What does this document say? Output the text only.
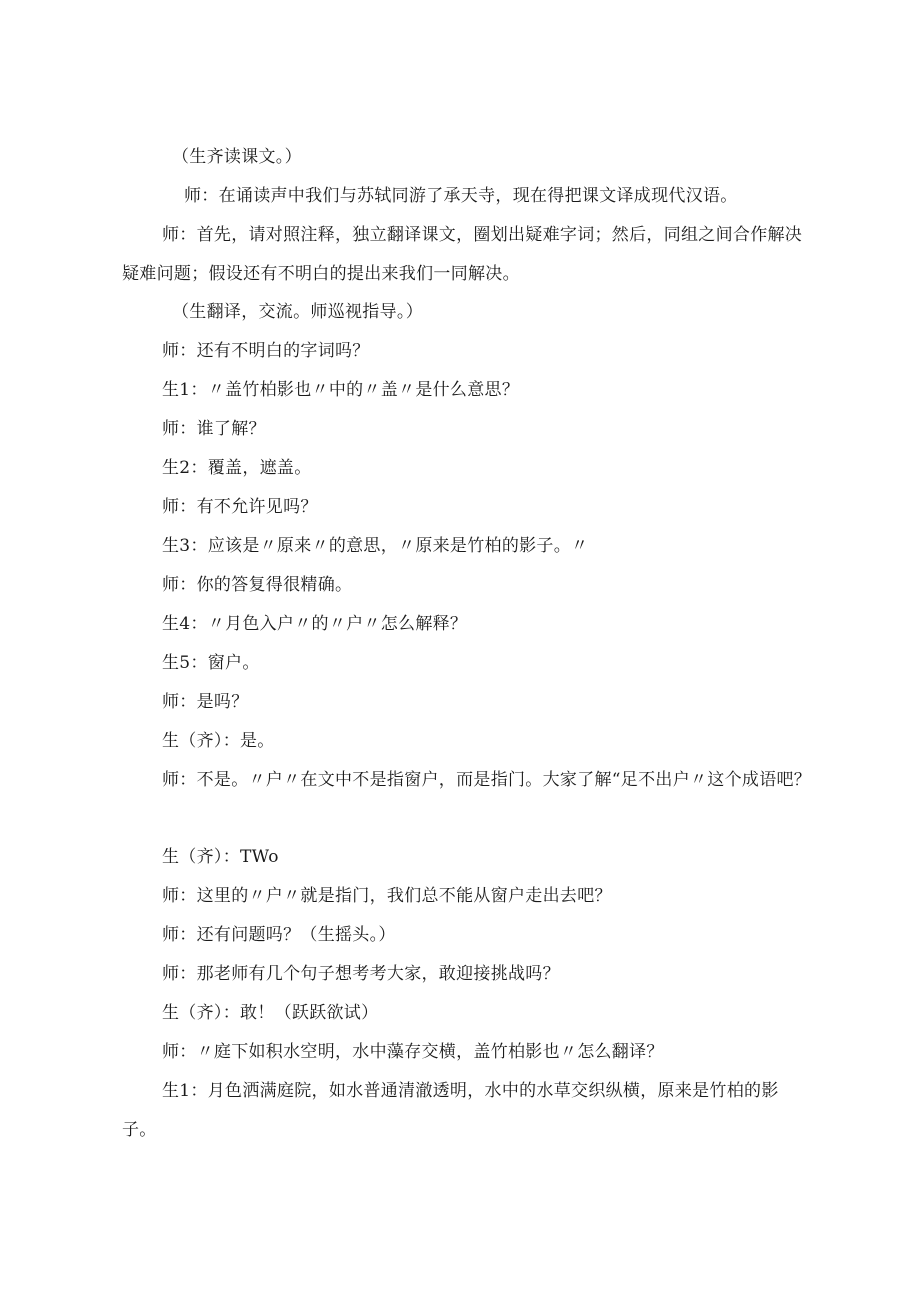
（生齐读课文。）

师：在诵读声中我们与苏轼同游了承天寺，现在得把课文译成现代汉语。

师：首先，请对照注释，独立翻译课文，圈划出疑难字词；然后，同组之间合作解决疑难问题；假设还有不明白的提出来我们一同解决。

（生翻译，交流。师巡视指导。）

师：还有不明白的字词吗？

生1：〃盖竹柏影也〃中的〃盖〃是什么意思？

师：谁了解？

生2：覆盖，遮盖。

师：有不允许见吗？

生3：应该是〃原来〃的意思，〃原来是竹柏的影子。〃

师：你的答复得很精确。

生4：〃月色入户〃的〃户〃怎么解释？

生5：窗户。

师：是吗？

生（齐）：是。

师：不是。〃户〃在文中不是指窗户，而是指门。大家了解“足不出户〃这个成语吧？

生（齐）：TWo

师：这里的〃户〃就是指门，我们总不能从窗户走出去吧？

师：还有问题吗？（生摇头。）

师：那老师有几个句子想考考大家，敢迎接挑战吗？

生（齐）：敢！（跃跃欲试）

师：〃庭下如积水空明，水中藻存交横，盖竹柏影也〃怎么翻译？

生1：月色洒满庭院，如水普通清澈透明，水中的水草交织纵横，原来是竹柏的影子。
